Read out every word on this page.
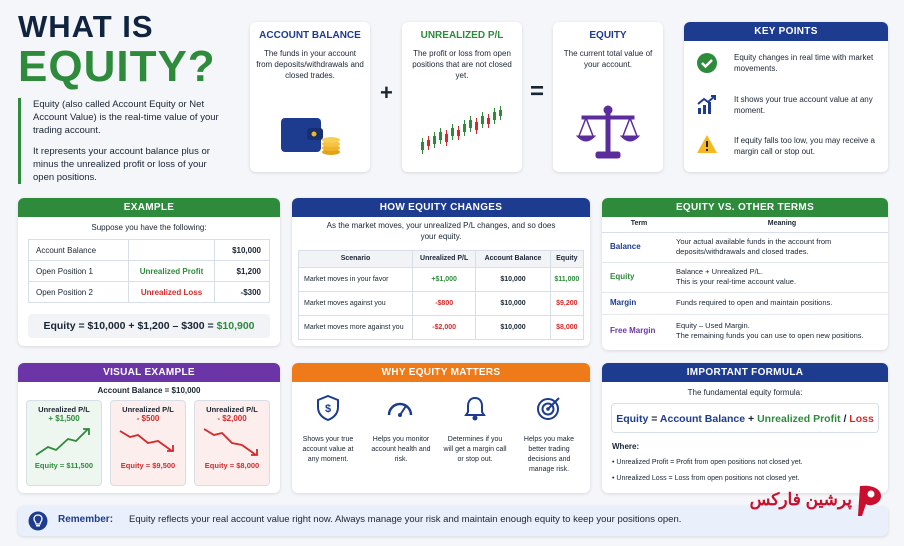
WHAT IS
EQUITY?
Equity (also called Account Equity or Net Account Value) is the real-time value of your trading account.
It represents your account balance plus or minus the unrealized profit or loss of your open positions.
ACCOUNT BALANCE
The funds in your account from deposits/withdrawals and closed trades.
+
UNREALIZED P/L
The profit or loss from open positions that are not closed yet.
=
EQUITY
The current total value of your account.
KEY POINTS
Equity changes in real time with market movements.
It shows your true account value at any moment.
If equity falls too low, you may receive a margin call or stop out.
EXAMPLE
Suppose you have the following:
Account Balance		$10,000
Open Position 1	Unrealized Profit	$1,200
Open Position 2	Unrealized Loss	-$300
Equity = $10,000 + $1,200 – $300 = $10,900
HOW EQUITY CHANGES
As the market moves, your unrealized P/L changes, and so does your equity.
Scenario	Unrealized P/L	Account Balance	Equity
Market moves in your favor	+$1,000	$10,000	$11,000
Market moves against you	-$800	$10,000	$9,200
Market moves more against you	-$2,000	$10,000	$8,000
EQUITY VS. OTHER TERMS
Term	Meaning
Balance	Your actual available funds in the account from deposits/withdrawals and closed trades.
Equity	Balance + Unrealized P/L.
This is your real-time account value.

Margin	Funds required to open and maintain positions.
Free Margin	Equity – Used Margin.
The remaining funds you can use to open new positions.
VISUAL EXAMPLE
Account Balance = $10,000
Unrealized P/L
+ $1,500
Equity = $11,500
Unrealized P/L
- $500
Equity = $9,500
Unrealized P/L
- $2,000
Equity = $8,000
WHY EQUITY MATTERS
$
Shows your true account value at any moment.
Helps you monitor account health and risk.
Determines if you will get a margin call or stop out.
Helps you make better trading decisions and manage risk.
IMPORTANT FORMULA
The fundamental equity formula:
Equity = Account Balance + Unrealized Profit / Loss
Where:
• Unrealized Profit = Profit from open positions not closed yet.
• Unrealized Loss = Loss from open positions not closed yet.
Remember: Equity reflects your real account value right now. Always manage your risk and maintain enough equity to keep your positions open.
پرشین فارکس
